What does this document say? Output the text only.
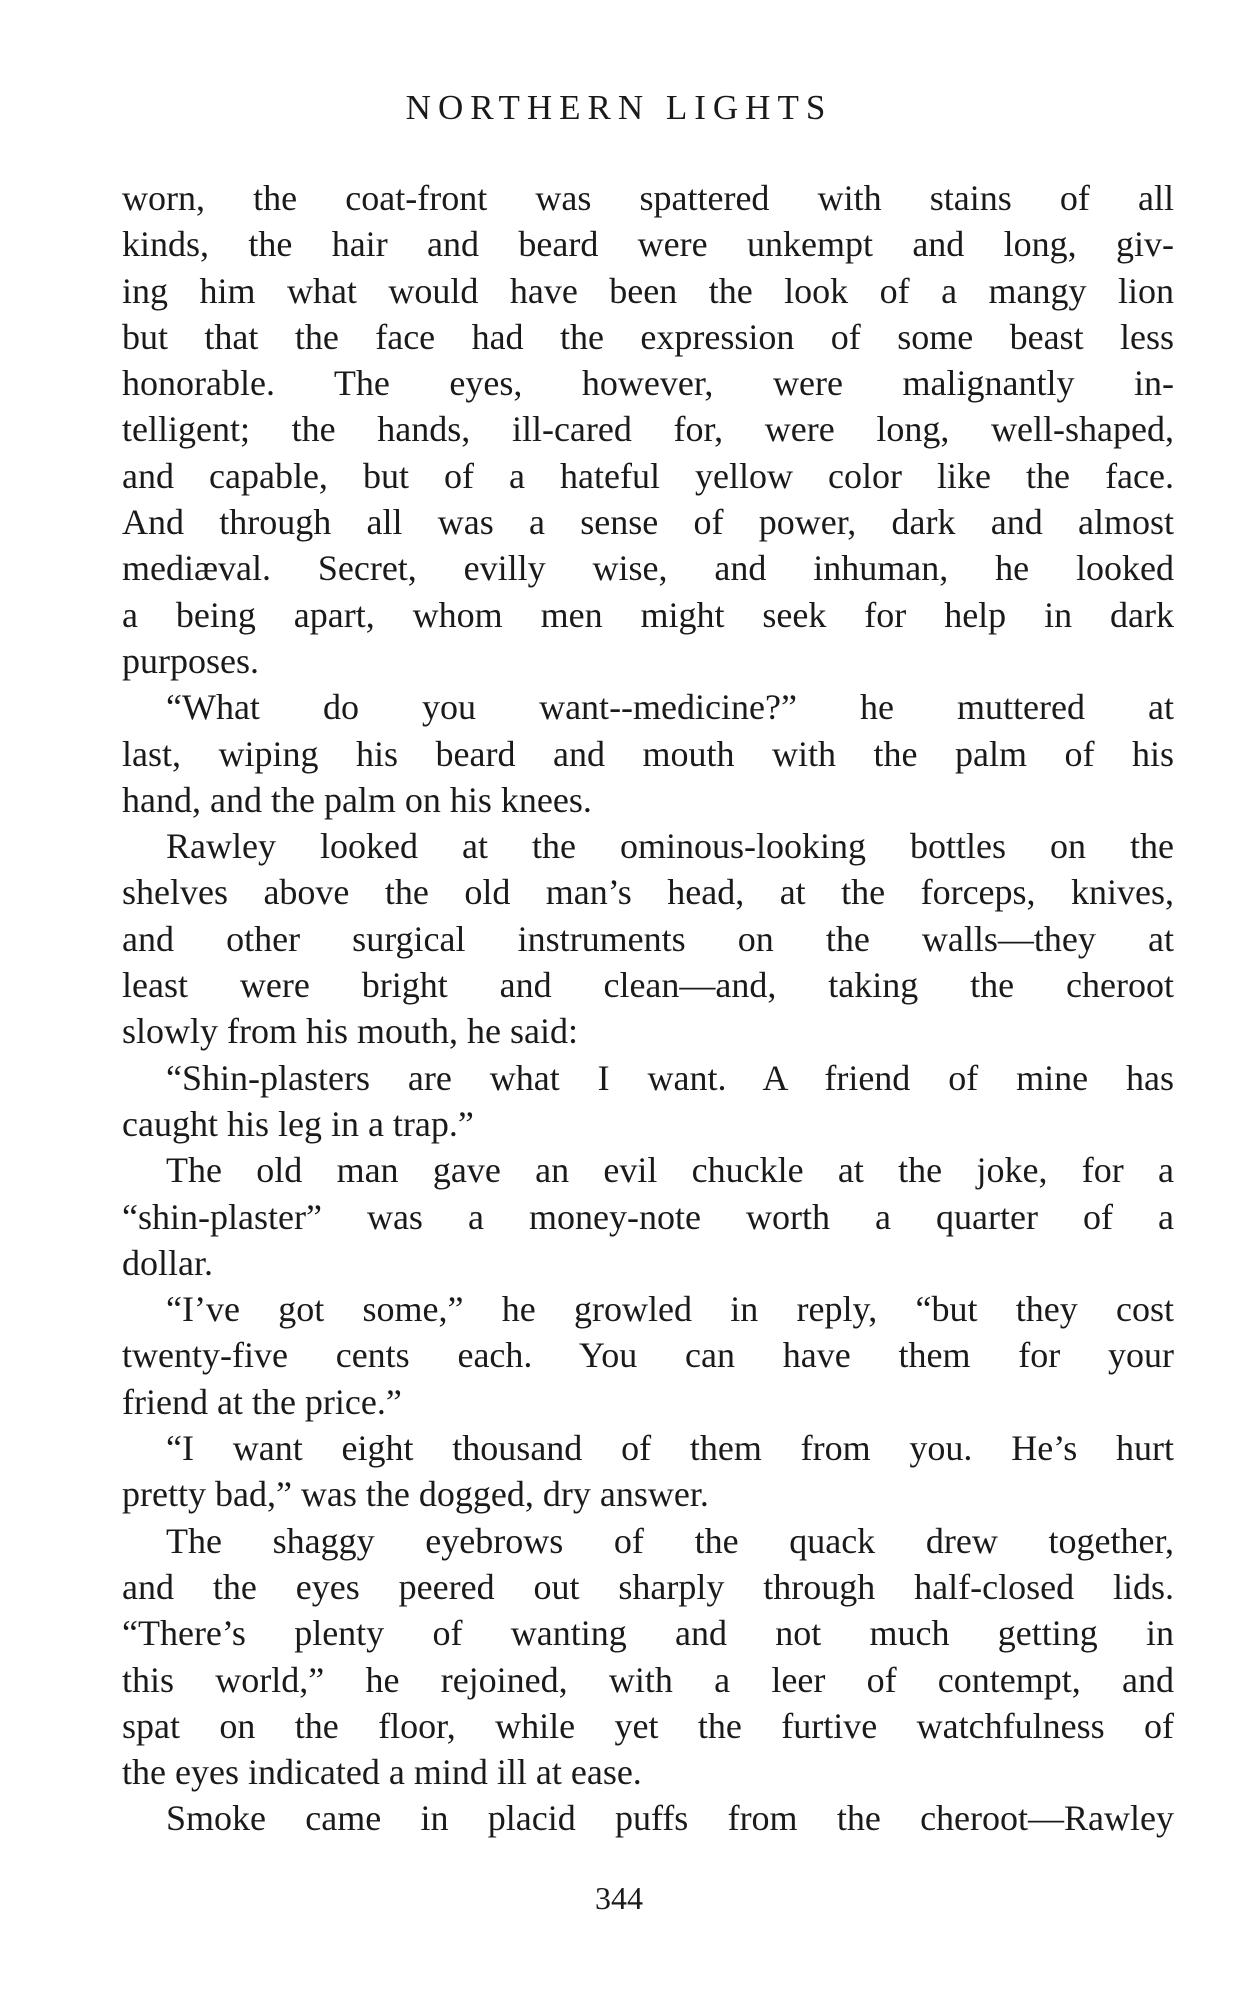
NORTHERN LIGHTS

worn, the coat-front was spattered with stains of all
kinds, the hair and beard were unkempt and long, giv-
ing him what would have been the look of a mangy lion
but that the face had the expression of some beast less
honorable. The eyes, however, were malignantly in-
telligent; the hands, ill-cared for, were long, well-shaped,
and capable, but of a hateful yellow color like the face.
And through all was a sense of power, dark and almost
mediæval. Secret, evilly wise, and inhuman, he looked
a being apart, whom men might seek for help in dark
purposes.

“What do you want--medicine?” he muttered at
last, wiping his beard and mouth with the palm of his
hand, and the palm on his knees.

Rawley looked at the ominous-looking bottles on the
shelves above the old man’s head, at the forceps, knives,
and other surgical instruments on the walls—they at
least were bright and clean—and, taking the cheroot
slowly from his mouth, he said:

“Shin-plasters are what I want. A friend of mine has
caught his leg in a trap.”

The old man gave an evil chuckle at the joke, for a
“shin-plaster” was a money-note worth a quarter of a
dollar.

“I’ve got some,” he growled in reply, “but they cost
twenty-five cents each. You can have them for your
friend at the price.”

“I want eight thousand of them from you. He’s hurt
pretty bad,” was the dogged, dry answer.

The shaggy eyebrows of the quack drew together,
and the eyes peered out sharply through half-closed lids.
“There’s plenty of wanting and not much getting in
this world,” he rejoined, with a leer of contempt, and
spat on the floor, while yet the furtive watchfulness of
the eyes indicated a mind ill at ease.

Smoke came in placid puffs from the cheroot—Rawley

344
